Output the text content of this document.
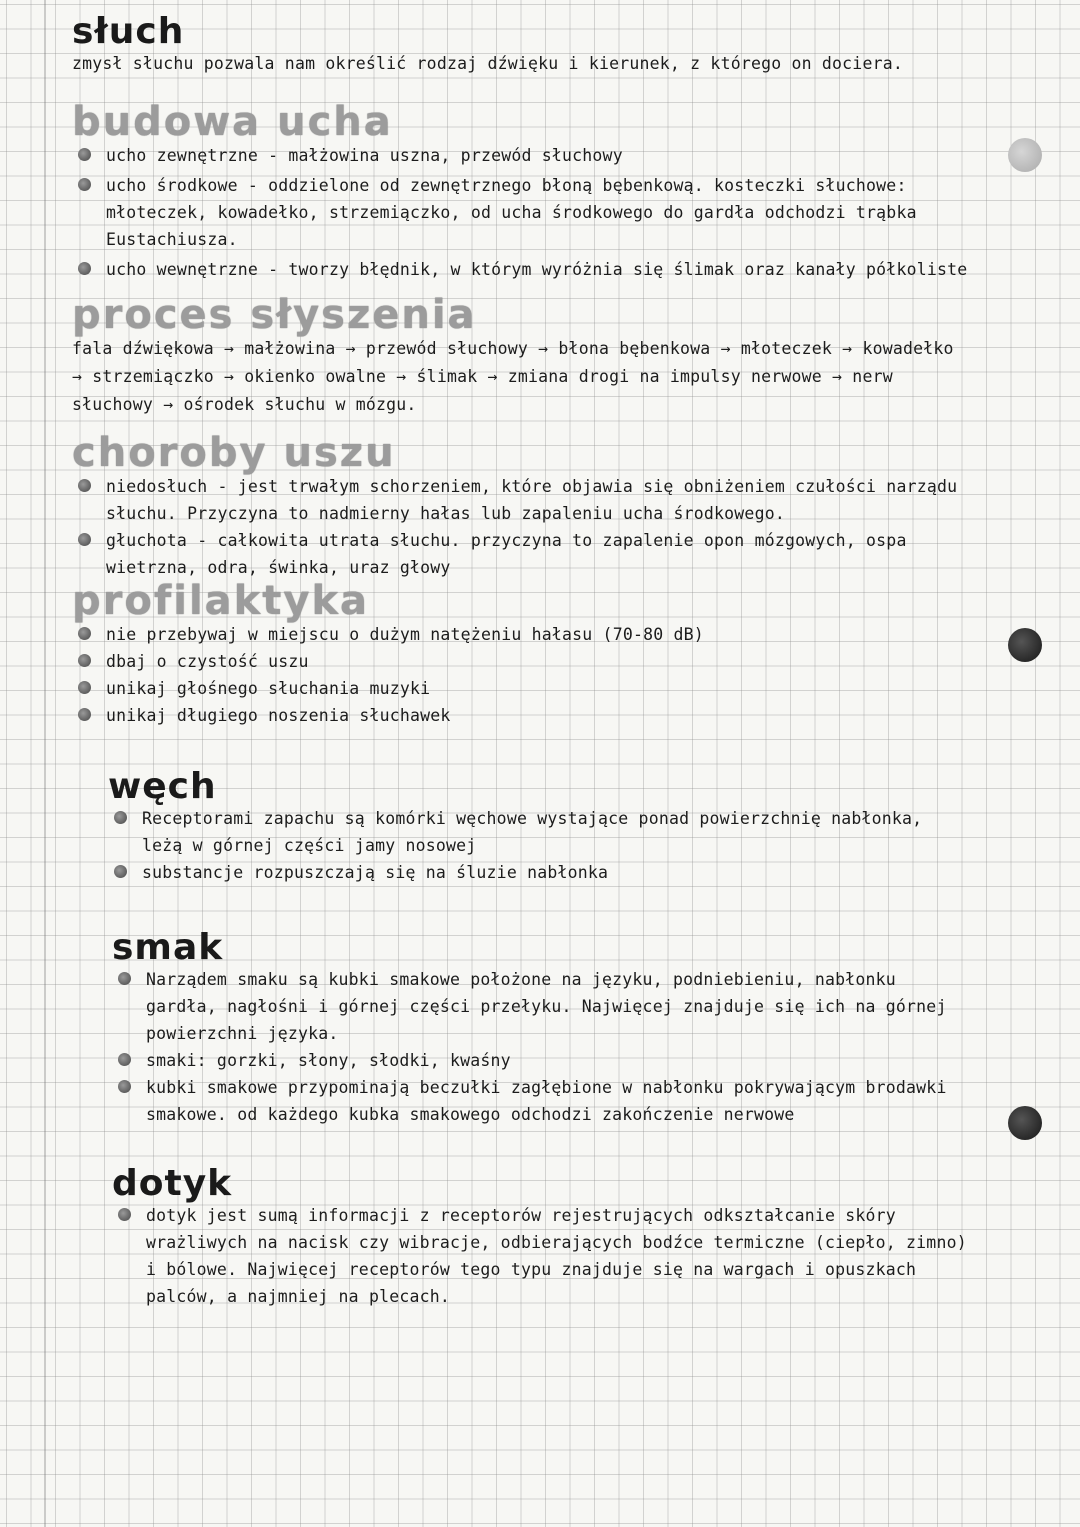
słuch

zmysł słuchu pozwala nam określić rodzaj dźwięku i kierunek, z którego on dociera.

budowa ucha
ucho zewnętrzne - małżowina uszna, przewód słuchowy
ucho środkowe - oddzielone od zewnętrznego błoną bębenkową. kosteczki słuchowe: młoteczek, kowadełko, strzemiączko, od ucha środkowego do gardła odchodzi trąbka Eustachiusza.
ucho wewnętrzne - tworzy błędnik, w którym wyróżnia się ślimak oraz kanały półkoliste
proces słyszenia

fala dźwiękowa → małżowina → przewód słuchowy → błona bębenkowa → młoteczek → kowadełko → strzemiączko → okienko owalne → ślimak → zmiana drogi na impulsy nerwowe → nerw słuchowy → ośrodek słuchu w mózgu.

choroby uszu
niedosłuch - jest trwałym schorzeniem, które objawia się obniżeniem czułości narządu słuchu. Przyczyna to nadmierny hałas lub zapaleniu ucha środkowego.
głuchota - całkowita utrata słuchu. przyczyna to zapalenie opon mózgowych, ospa wietrzna, odra, świnka, uraz głowy
profilaktyka
nie przebywaj w miejscu o dużym natężeniu hałasu (70-80 dB)
dbaj o czystość uszu
unikaj głośnego słuchania muzyki
unikaj długiego noszenia słuchawek
węch
Receptorami zapachu są komórki węchowe wystające ponad powierzchnię nabłonka, leżą w górnej części jamy nosowej
substancje rozpuszczają się na śluzie nabłonka
smak
Narządem smaku są kubki smakowe położone na języku, podniebieniu, nabłonku gardła, nagłośni i górnej części przełyku. Najwięcej znajduje się ich na górnej powierzchni języka.
smaki: gorzki, słony, słodki, kwaśny
kubki smakowe przypominają beczułki zagłębione w nabłonku pokrywającym brodawki smakowe. od każdego kubka smakowego odchodzi zakończenie nerwowe
dotyk
dotyk jest sumą informacji z receptorów rejestrujących odkształcanie skóry wrażliwych na nacisk czy wibracje, odbierających bodźce termiczne (ciepło, zimno) i bólowe. Najwięcej receptorów tego typu znajduje się na wargach i opuszkach palców, a najmniej na plecach.
